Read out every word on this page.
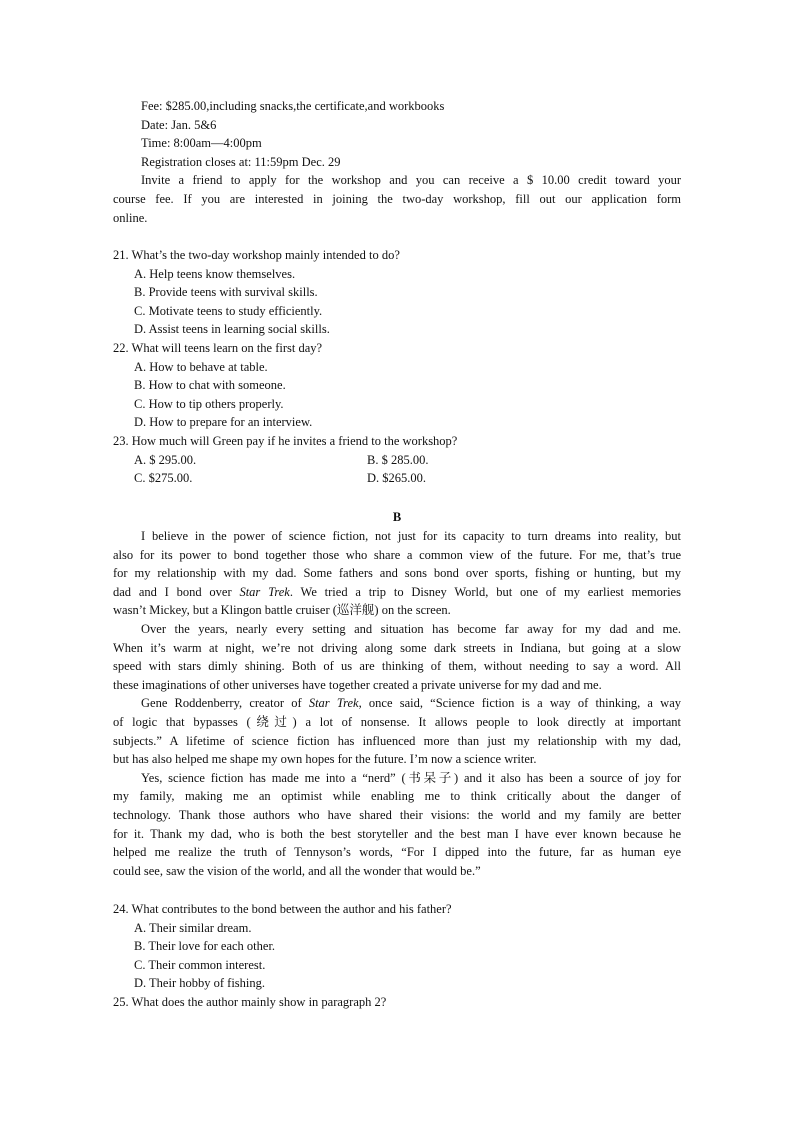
Fee: $285.00,including snacks,the certificate,and workbooks
Date: Jan. 5&6
Time: 8:00am—4:00pm
Registration closes at: 11:59pm Dec. 29
Invite a friend to apply for the workshop and you can receive a $ 10.00 credit toward your
course fee. If you are interested in joining the two-day workshop, fill out our application form
online.
21. What’s the two-day workshop mainly intended to do?
A. Help teens know themselves.
B. Provide teens with survival skills.
C. Motivate teens to study efficiently.
D. Assist teens in learning social skills.
22. What will teens learn on the first day?
A. How to behave at table.
B. How to chat with someone.
C. How to tip others properly.
D. How to prepare for an interview.
23. How much will Green pay if he invites a friend to the workshop?
A. $ 295.00.	B. $ 285.00.
C. $275.00.	D. $265.00.
B
I believe in the power of science fiction, not just for its capacity to turn dreams into reality, but
also for its power to bond together those who share a common view of the future. For me, that’s true
for my relationship with my dad. Some fathers and sons bond over sports, fishing or hunting, but my
dad and I bond over Star Trek. We tried a trip to Disney World, but one of my earliest memories
wasn’t Mickey, but a Klingon battle cruiser (巡洋舰) on the screen.
Over the years, nearly every setting and situation has become far away for my dad and me.
When it’s warm at night, we’re not driving along some dark streets in Indiana, but going at a slow
speed with stars dimly shining. Both of us are thinking of them, without needing to say a word. All
these imaginations of other universes have together created a private universe for my dad and me.
Gene Roddenberry, creator of Star Trek, once said, “Science fiction is a way of thinking, a way
of logic that bypasses (绕过) a lot of nonsense. It allows people to look directly at important
subjects.” A lifetime of science fiction has influenced more than just my relationship with my dad,
but has also helped me shape my own hopes for the future. I’m now a science writer.
Yes, science fiction has made me into a “nerd” (书呆子) and it also has been a source of joy for
my family, making me an optimist while enabling me to think critically about the danger of
technology. Thank those authors who have shared their visions: the world and my family are better
for it. Thank my dad, who is both the best storyteller and the best man I have ever known because he
helped me realize the truth of Tennyson’s words, “For I dipped into the future, far as human eye
could see, saw the vision of the world, and all the wonder that would be.”
24. What contributes to the bond between the author and his father?
A. Their similar dream.
B. Their love for each other.
C. Their common interest.
D. Their hobby of fishing.
25. What does the author mainly show in paragraph 2?
